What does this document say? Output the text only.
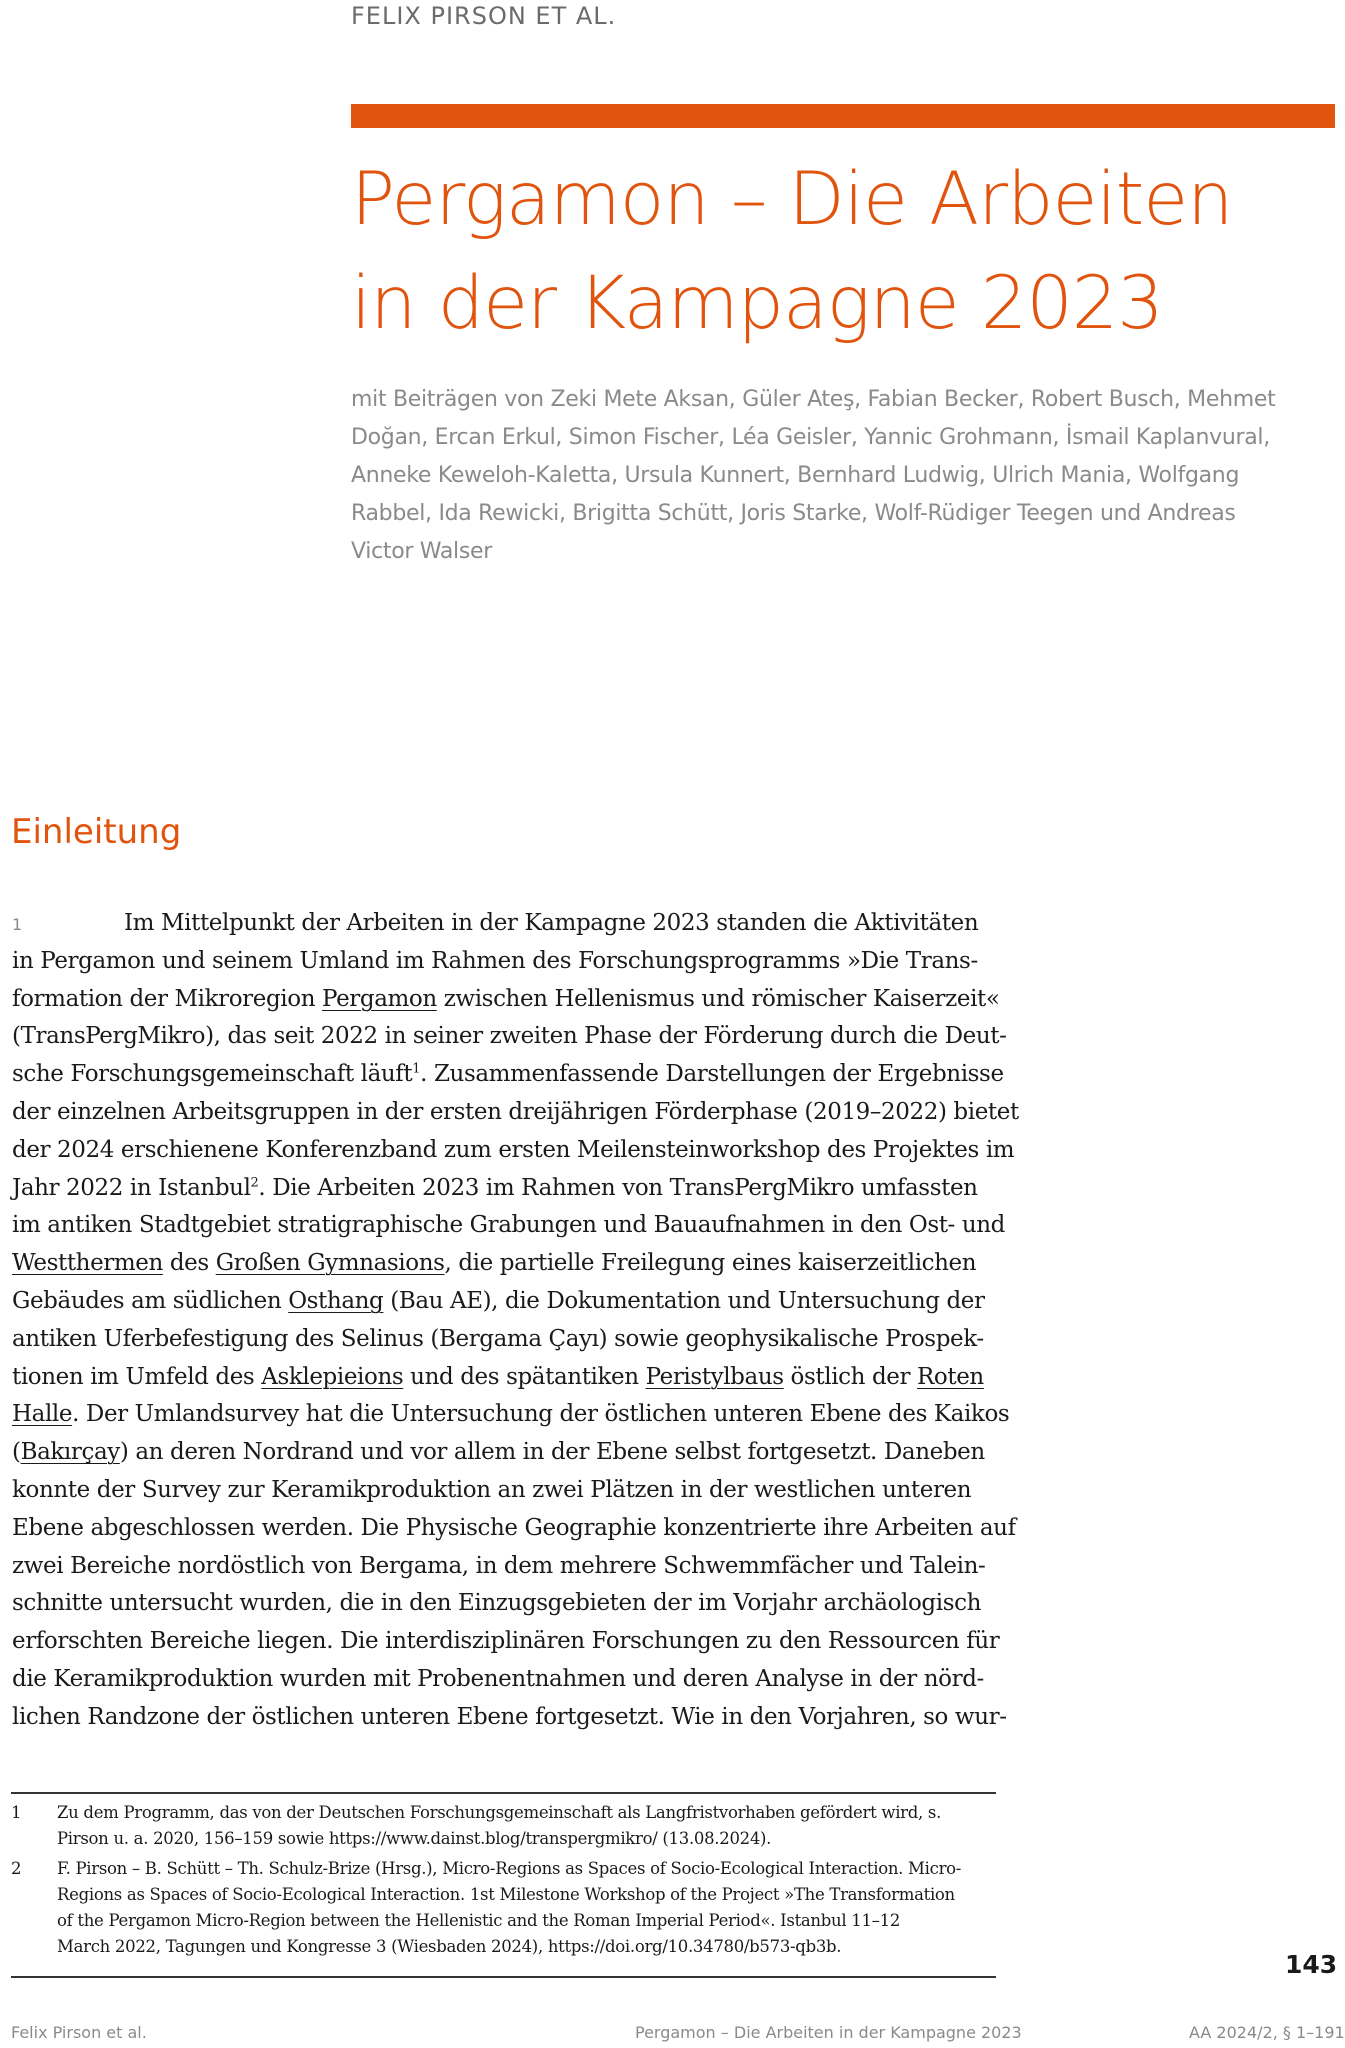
FELIX PIRSON ET AL.
Pergamon – Die Arbeiten
in der Kampagne 2023

mit Beiträgen von Zeki Mete Aksan, Güler Ateş, Fabian Becker, Robert Busch, Mehmet
Doğan, Ercan Erkul, Simon Fischer, Léa Geisler, Yannic Grohmann, İsmail Kaplanvural,
Anneke Keweloh-Kaletta, Ursula Kunnert, Bernhard Ludwig, Ulrich Mania, Wolfgang
Rabbel, Ida Rewicki, Brigitta Schütt, Joris Starke, Wolf-Rüdiger Teegen und Andreas
Victor Walser

Einleitung
1	Im Mittelpunkt der Arbeiten in der Kampagne 2023 standen die Aktivitäten
in Pergamon und seinem Umland im Rahmen des Forschungsprogramms »Die Trans-
formation der Mikroregion Pergamon zwischen Hellenismus und römischer Kaiserzeit«
(TransPergMikro), das seit 2022 in seiner zweiten Phase der Förderung durch die Deut-
sche Forschungsgemeinschaft läuft$^1$. Zusammenfassende Darstellungen der Ergebnisse
der einzelnen Arbeitsgruppen in der ersten dreijährigen Förderphase (2019–2022) bietet
der 2024 erschienene Konferenzband zum ersten Meilensteinworkshop des Projektes im
Jahr 2022 in Istanbul$^2$. Die Arbeiten 2023 im Rahmen von TransPergMikro umfassten
im antiken Stadtgebiet stratigraphische Grabungen und Bauaufnahmen in den Ost- und
Westthermen des Großen Gymnasions, die partielle Freilegung eines kaiserzeitlichen
Gebäudes am südlichen Osthang (Bau AE), die Dokumentation und Untersuchung der
antiken Uferbefestigung des Selinus (Bergama Çayı) sowie geophysikalische Prospek-
tionen im Umfeld des Asklepieions und des spätantiken Peristylbaus östlich der Roten
Halle. Der Umlandsurvey hat die Untersuchung der östlichen unteren Ebene des Kaikos
(Bakırçay) an deren Nordrand und vor allem in der Ebene selbst fortgesetzt. Daneben
konnte der Survey zur Keramikproduktion an zwei Plätzen in der westlichen unteren
Ebene abgeschlossen werden. Die Physische Geographie konzentrierte ihre Arbeiten auf
zwei Bereiche nordöstlich von Bergama, in dem mehrere Schwemmfächer und Talein-
schnitte untersucht wurden, die in den Einzugsgebieten der im Vorjahr archäologisch
erforschten Bereiche liegen. Die interdisziplinären Forschungen zu den Ressourcen für
die Keramikproduktion wurden mit Probenentnahmen und deren Analyse in der nörd-
lichen Randzone der östlichen unteren Ebene fortgesetzt. Wie in den Vorjahren, so wur-
1	Zu dem Programm, das von der Deutschen Forschungsgemeinschaft als Langfristvorhaben gefördert wird, s.
Pirson u. a. 2020, 156–159 sowie https://www.dainst.blog/transpergmikro/ (13.08.2024).
2	F. Pirson – B. Schütt – Th. Schulz-Brize (Hrsg.), Micro-Regions as Spaces of Socio-Ecological Interaction. Micro-
Regions as Spaces of Socio-Ecological Interaction. 1st Milestone Workshop of the Project »The Transformation
of the Pergamon Micro-Region between the Hellenistic and the Roman Imperial Period«. Istanbul 11–12
March 2022, Tagungen und Kongresse 3 (Wiesbaden 2024), https://doi.org/10.34780/b573-qb3b.
143
Felix Pirson et al.	Pergamon – Die Arbeiten in der Kampagne 2023	AA 2024/2, § 1–191
